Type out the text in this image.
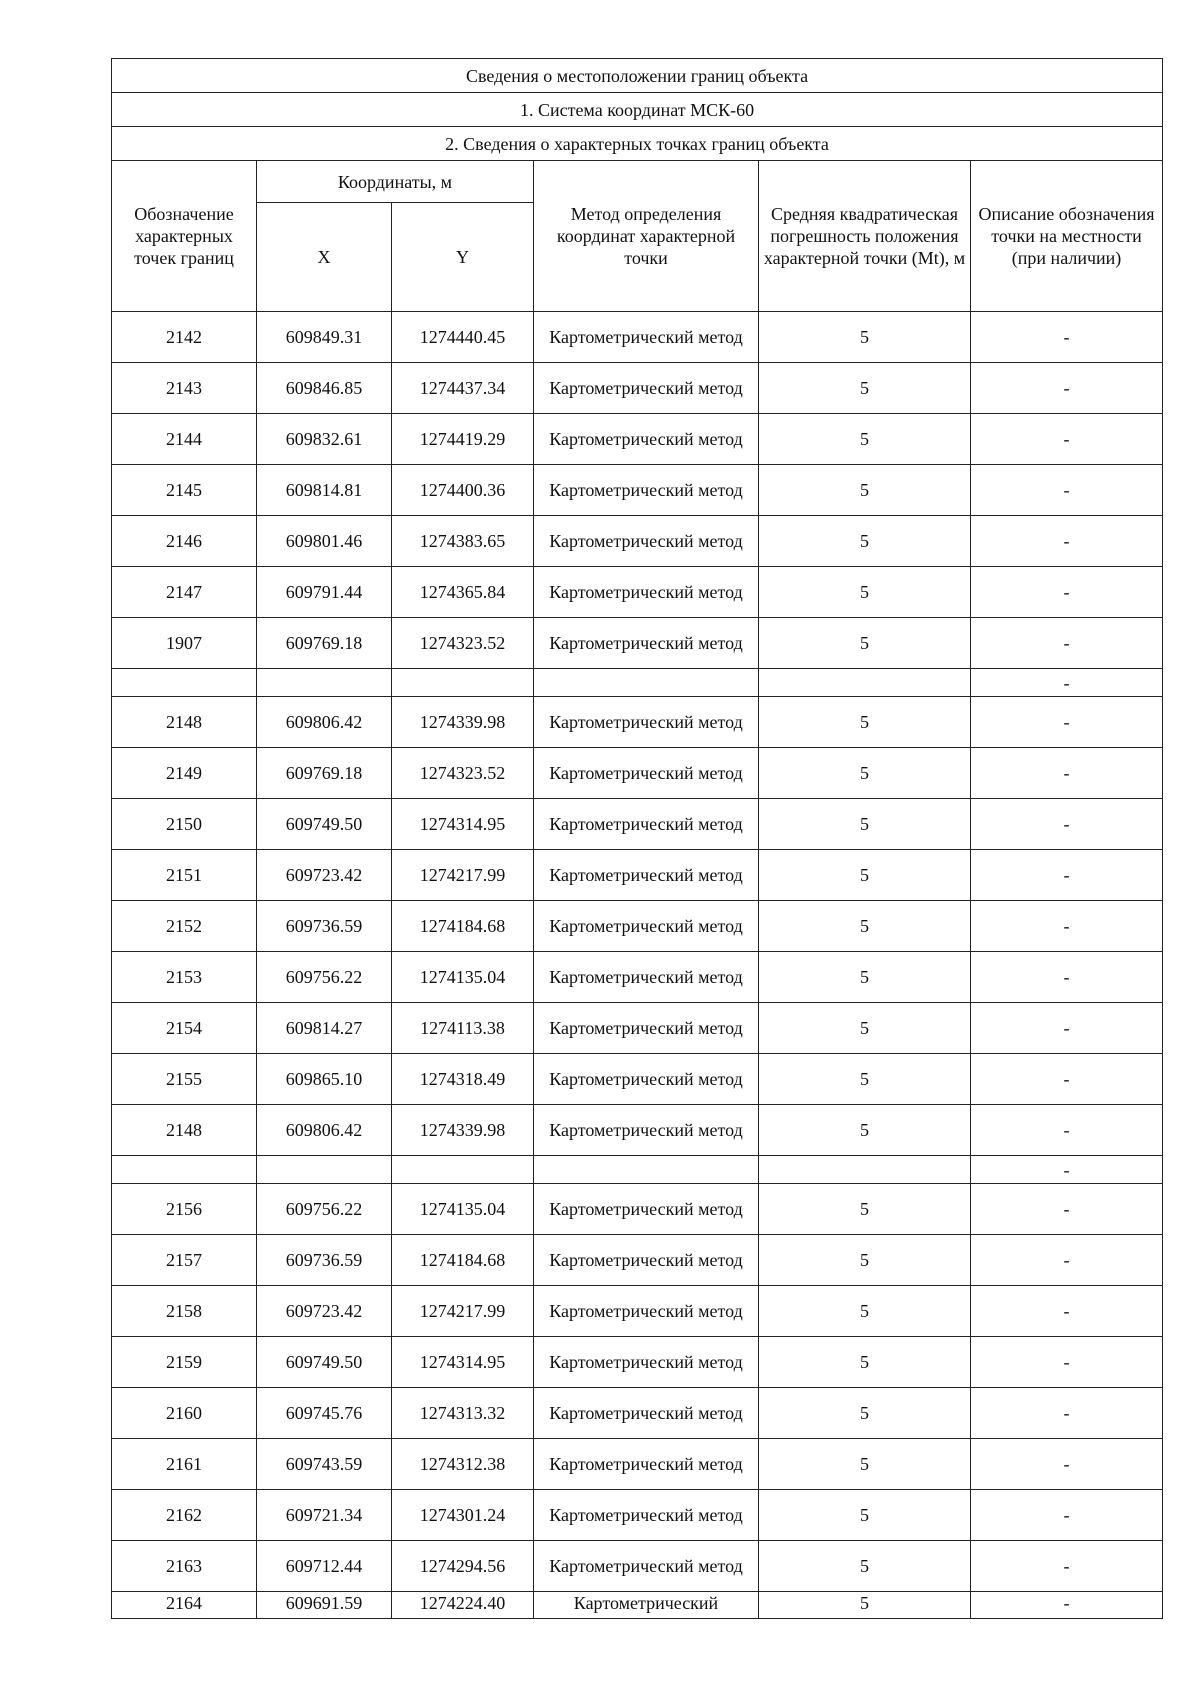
Сведения о местоположении границ объекта					
1. Система координат МСК-60					
2. Сведения о характерных точках границ объекта					
Обозначение характерных точек границ	Координаты, м		Метод определения координат характерной точки	Средняя квадратическая погрешность положения характерной точки (Mt), м	Описание обозначения точки на местности (при наличии)
	X	Y			
2142	609849.31	1274440.45	Картометрический метод	5	-
2143	609846.85	1274437.34	Картометрический метод	5	-
2144	609832.61	1274419.29	Картометрический метод	5	-
2145	609814.81	1274400.36	Картометрический метод	5	-
2146	609801.46	1274383.65	Картометрический метод	5	-
2147	609791.44	1274365.84	Картометрический метод	5	-
1907	609769.18	1274323.52	Картометрический метод	5	-
					-
2148	609806.42	1274339.98	Картометрический метод	5	-
2149	609769.18	1274323.52	Картометрический метод	5	-
2150	609749.50	1274314.95	Картометрический метод	5	-
2151	609723.42	1274217.99	Картометрический метод	5	-
2152	609736.59	1274184.68	Картометрический метод	5	-
2153	609756.22	1274135.04	Картометрический метод	5	-
2154	609814.27	1274113.38	Картометрический метод	5	-
2155	609865.10	1274318.49	Картометрический метод	5	-
2148	609806.42	1274339.98	Картометрический метод	5	-
					-
2156	609756.22	1274135.04	Картометрический метод	5	-
2157	609736.59	1274184.68	Картометрический метод	5	-
2158	609723.42	1274217.99	Картометрический метод	5	-
2159	609749.50	1274314.95	Картометрический метод	5	-
2160	609745.76	1274313.32	Картометрический метод	5	-
2161	609743.59	1274312.38	Картометрический метод	5	-
2162	609721.34	1274301.24	Картометрический метод	5	-
2163	609712.44	1274294.56	Картометрический метод	5	-
2164	609691.59	1274224.40	Картометрический	5	-
